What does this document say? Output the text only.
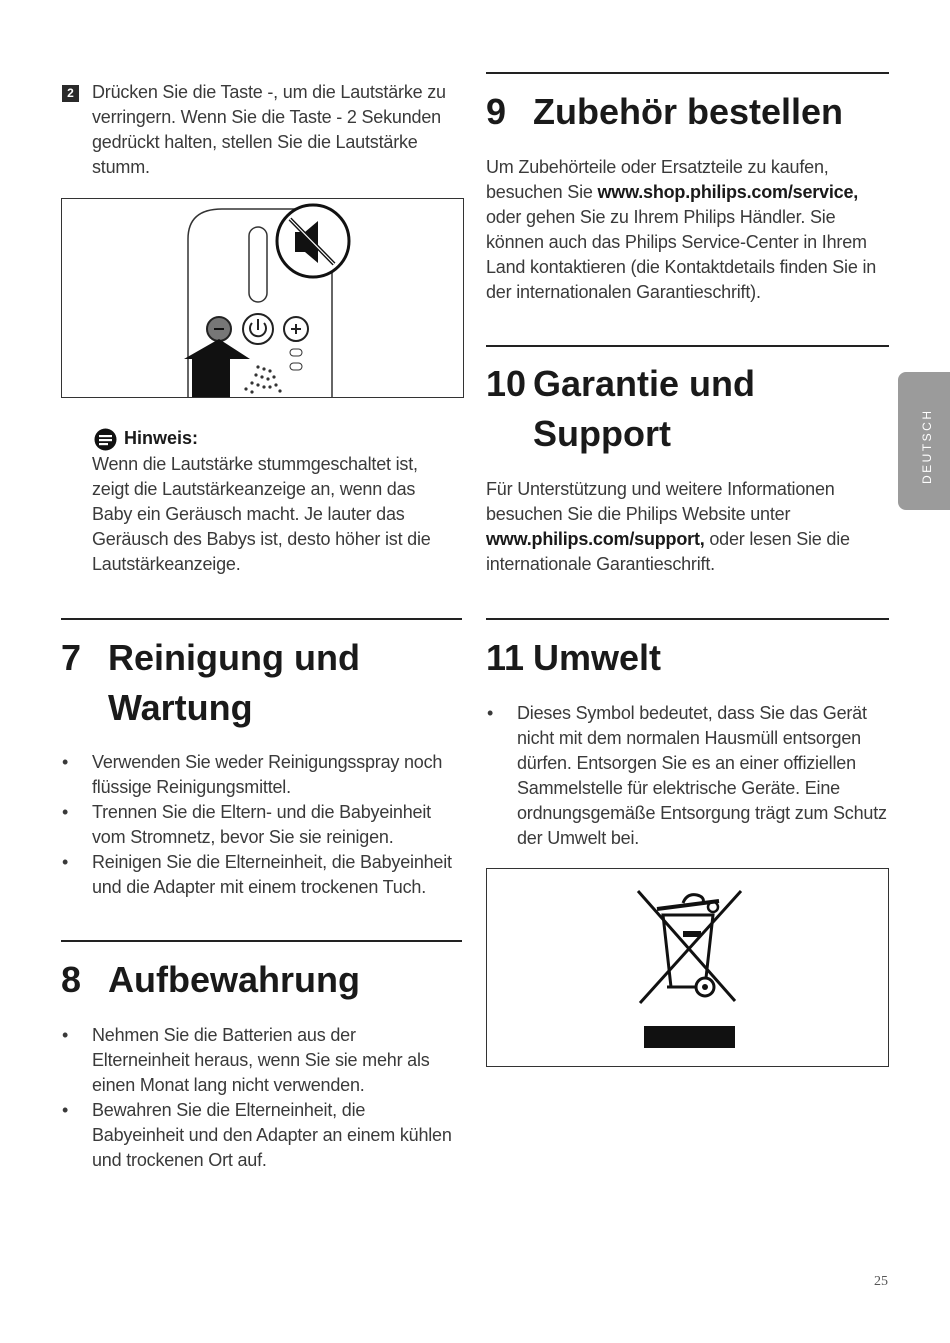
2 Drücken Sie die Taste -, um die Lautstärke zu
verringern. Wenn Sie die Taste - 2 Sekunden
gedrückt halten, stellen Sie die Lautstärke
stumm.
Hinweis:
Wenn die Lautstärke stummgeschaltet ist,
zeigt die Lautstärkeanzeige an, wenn das
Baby ein Geräusch macht. Je lauter das
Geräusch des Babys ist, desto höher ist die
Lautstärkeanzeige.
7 Reinigung und
Wartung
• Verwenden Sie weder Reinigungsspray noch
flüssige Reinigungsmittel.
• Trennen Sie die Eltern- und die Babyeinheit
vom Stromnetz, bevor Sie sie reinigen.
• Reinigen Sie die Elterneinheit, die Babyeinheit
und die Adapter mit einem trockenen Tuch.
8 Aufbewahrung
• Nehmen Sie die Batterien aus der
Elterneinheit heraus, wenn Sie sie mehr als
einen Monat lang nicht verwenden.
• Bewahren Sie die Elterneinheit, die
Babyeinheit und den Adapter an einem kühlen
und trockenen Ort auf.
9 Zubehör bestellen
Um Zubehörteile oder Ersatzteile zu kaufen,
besuchen Sie www.shop.philips.com/service,
oder gehen Sie zu Ihrem Philips Händler. Sie
können auch das Philips Service-Center in Ihrem
Land kontaktieren (die Kontaktdetails finden Sie in
der internationalen Garantieschrift).
10 Garantie und
Support
Für Unterstützung und weitere Informationen
besuchen Sie die Philips Website unter
www.philips.com/support, oder lesen Sie die
internationale Garantieschrift.
11 Umwelt
• Dieses Symbol bedeutet, dass Sie das Gerät
nicht mit dem normalen Hausmüll entsorgen
dürfen. Entsorgen Sie es an einer offiziellen
Sammelstelle für elektrische Geräte. Eine
ordnungsgemäße Entsorgung trägt zum Schutz
der Umwelt bei.
DEUTSCH
25
